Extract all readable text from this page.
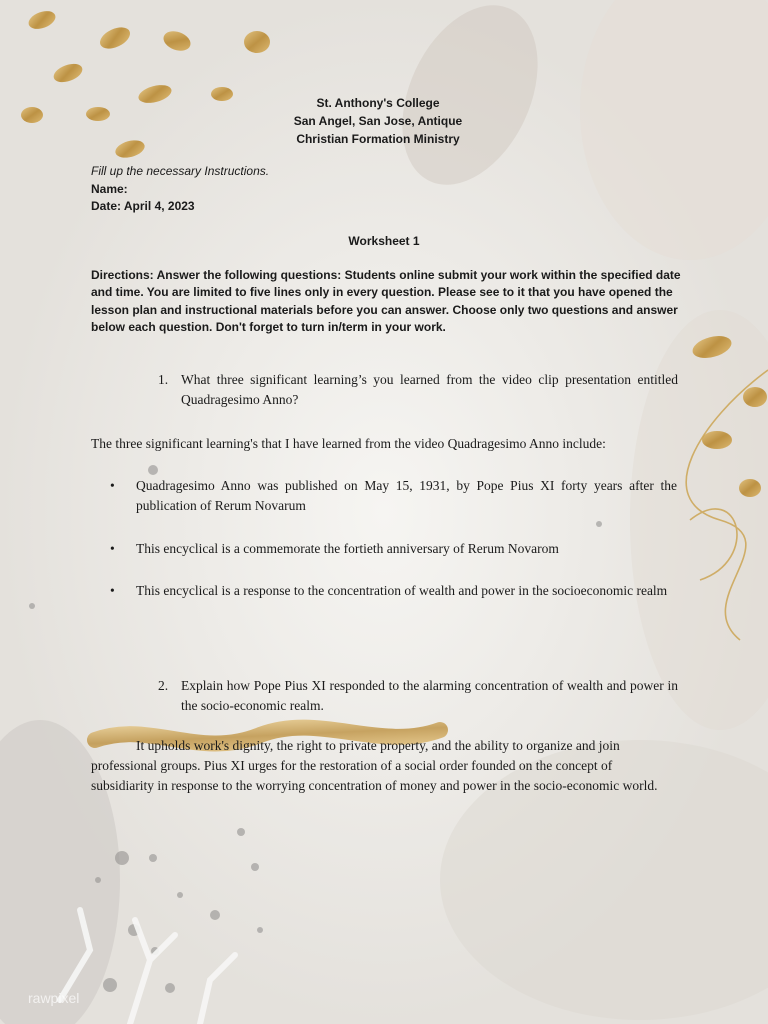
St. Anthony's College
San Angel, San Jose, Antique
Christian Formation Ministry
Fill up the necessary Instructions.
Name:
Date: April 4, 2023
Worksheet 1
Directions: Answer the following questions: Students online submit your work within the specified date and time. You are limited to five lines only in every question. Please see to it that you have opened the lesson plan and instructional materials before you can answer. Choose only two questions and answer below each question. Don't forget to turn in/term in your work.
1. What three significant learning’s you learned from the video clip presentation entitled Quadragesimo Anno?
The three significant learning's that I have learned from the video Quadragesimo Anno include:
• Quadragesimo Anno was published on May 15, 1931, by Pope Pius XI forty years after the publication of Rerum Novarum
• This encyclical is a commemorate the fortieth anniversary of Rerum Novarom
• This encyclical is a response to the concentration of wealth and power in the socioeconomic realm
2. Explain how Pope Pius XI responded to the alarming concentration of wealth and power in the socio-economic realm.
It upholds work's dignity, the right to private property, and the ability to organize and join professional groups. Pius XI urges for the restoration of a social order founded on the concept of subsidiarity in response to the worrying concentration of money and power in the socio-economic world.
rawpixel
